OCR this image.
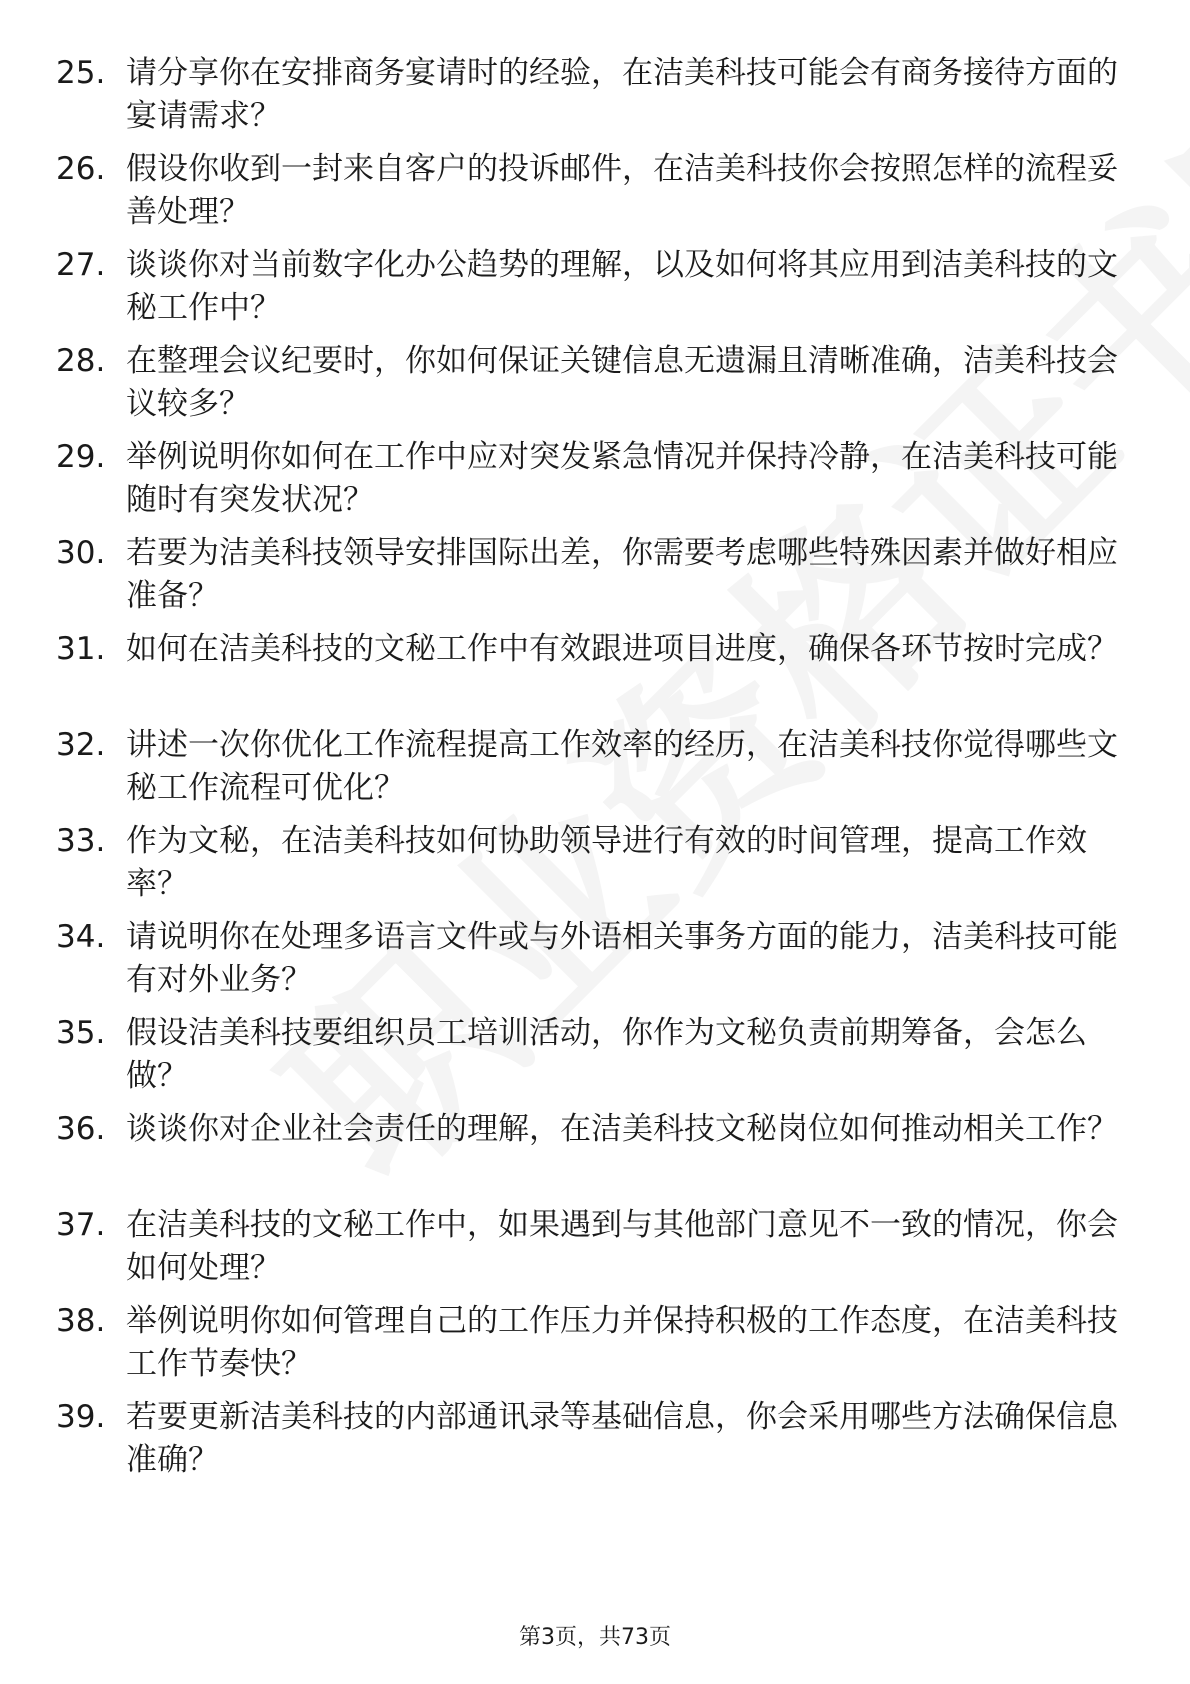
25. 请分享你在安排商务宴请时的经验，在洁美科技可能会有商务接待方面的宴请需求？
26. 假设你收到一封来自客户的投诉邮件，在洁美科技你会按照怎样的流程妥善处理？
27. 谈谈你对当前数字化办公趋势的理解，以及如何将其应用到洁美科技的文秘工作中？
28. 在整理会议纪要时，你如何保证关键信息无遗漏且清晰准确，洁美科技会议较多？
29. 举例说明你如何在工作中应对突发紧急情况并保持冷静，在洁美科技可能随时有突发状况？
30. 若要为洁美科技领导安排国际出差，你需要考虑哪些特殊因素并做好相应准备？
31. 如何在洁美科技的文秘工作中有效跟进项目进度，确保各环节按时完成？
32. 讲述一次你优化工作流程提高工作效率的经历，在洁美科技你觉得哪些文秘工作流程可优化？
33. 作为文秘，在洁美科技如何协助领导进行有效的时间管理，提高工作效率？
34. 请说明你在处理多语言文件或与外语相关事务方面的能力，洁美科技可能有对外业务？
35. 假设洁美科技要组织员工培训活动，你作为文秘负责前期筹备，会怎么做？
36. 谈谈你对企业社会责任的理解，在洁美科技文秘岗位如何推动相关工作？
37. 在洁美科技的文秘工作中，如果遇到与其他部门意见不一致的情况，你会如何处理？
38. 举例说明你如何管理自己的工作压力并保持积极的工作态度，在洁美科技工作节奏快？
39. 若要更新洁美科技的内部通讯录等基础信息，你会采用哪些方法确保信息准确？
第3页，共73页
